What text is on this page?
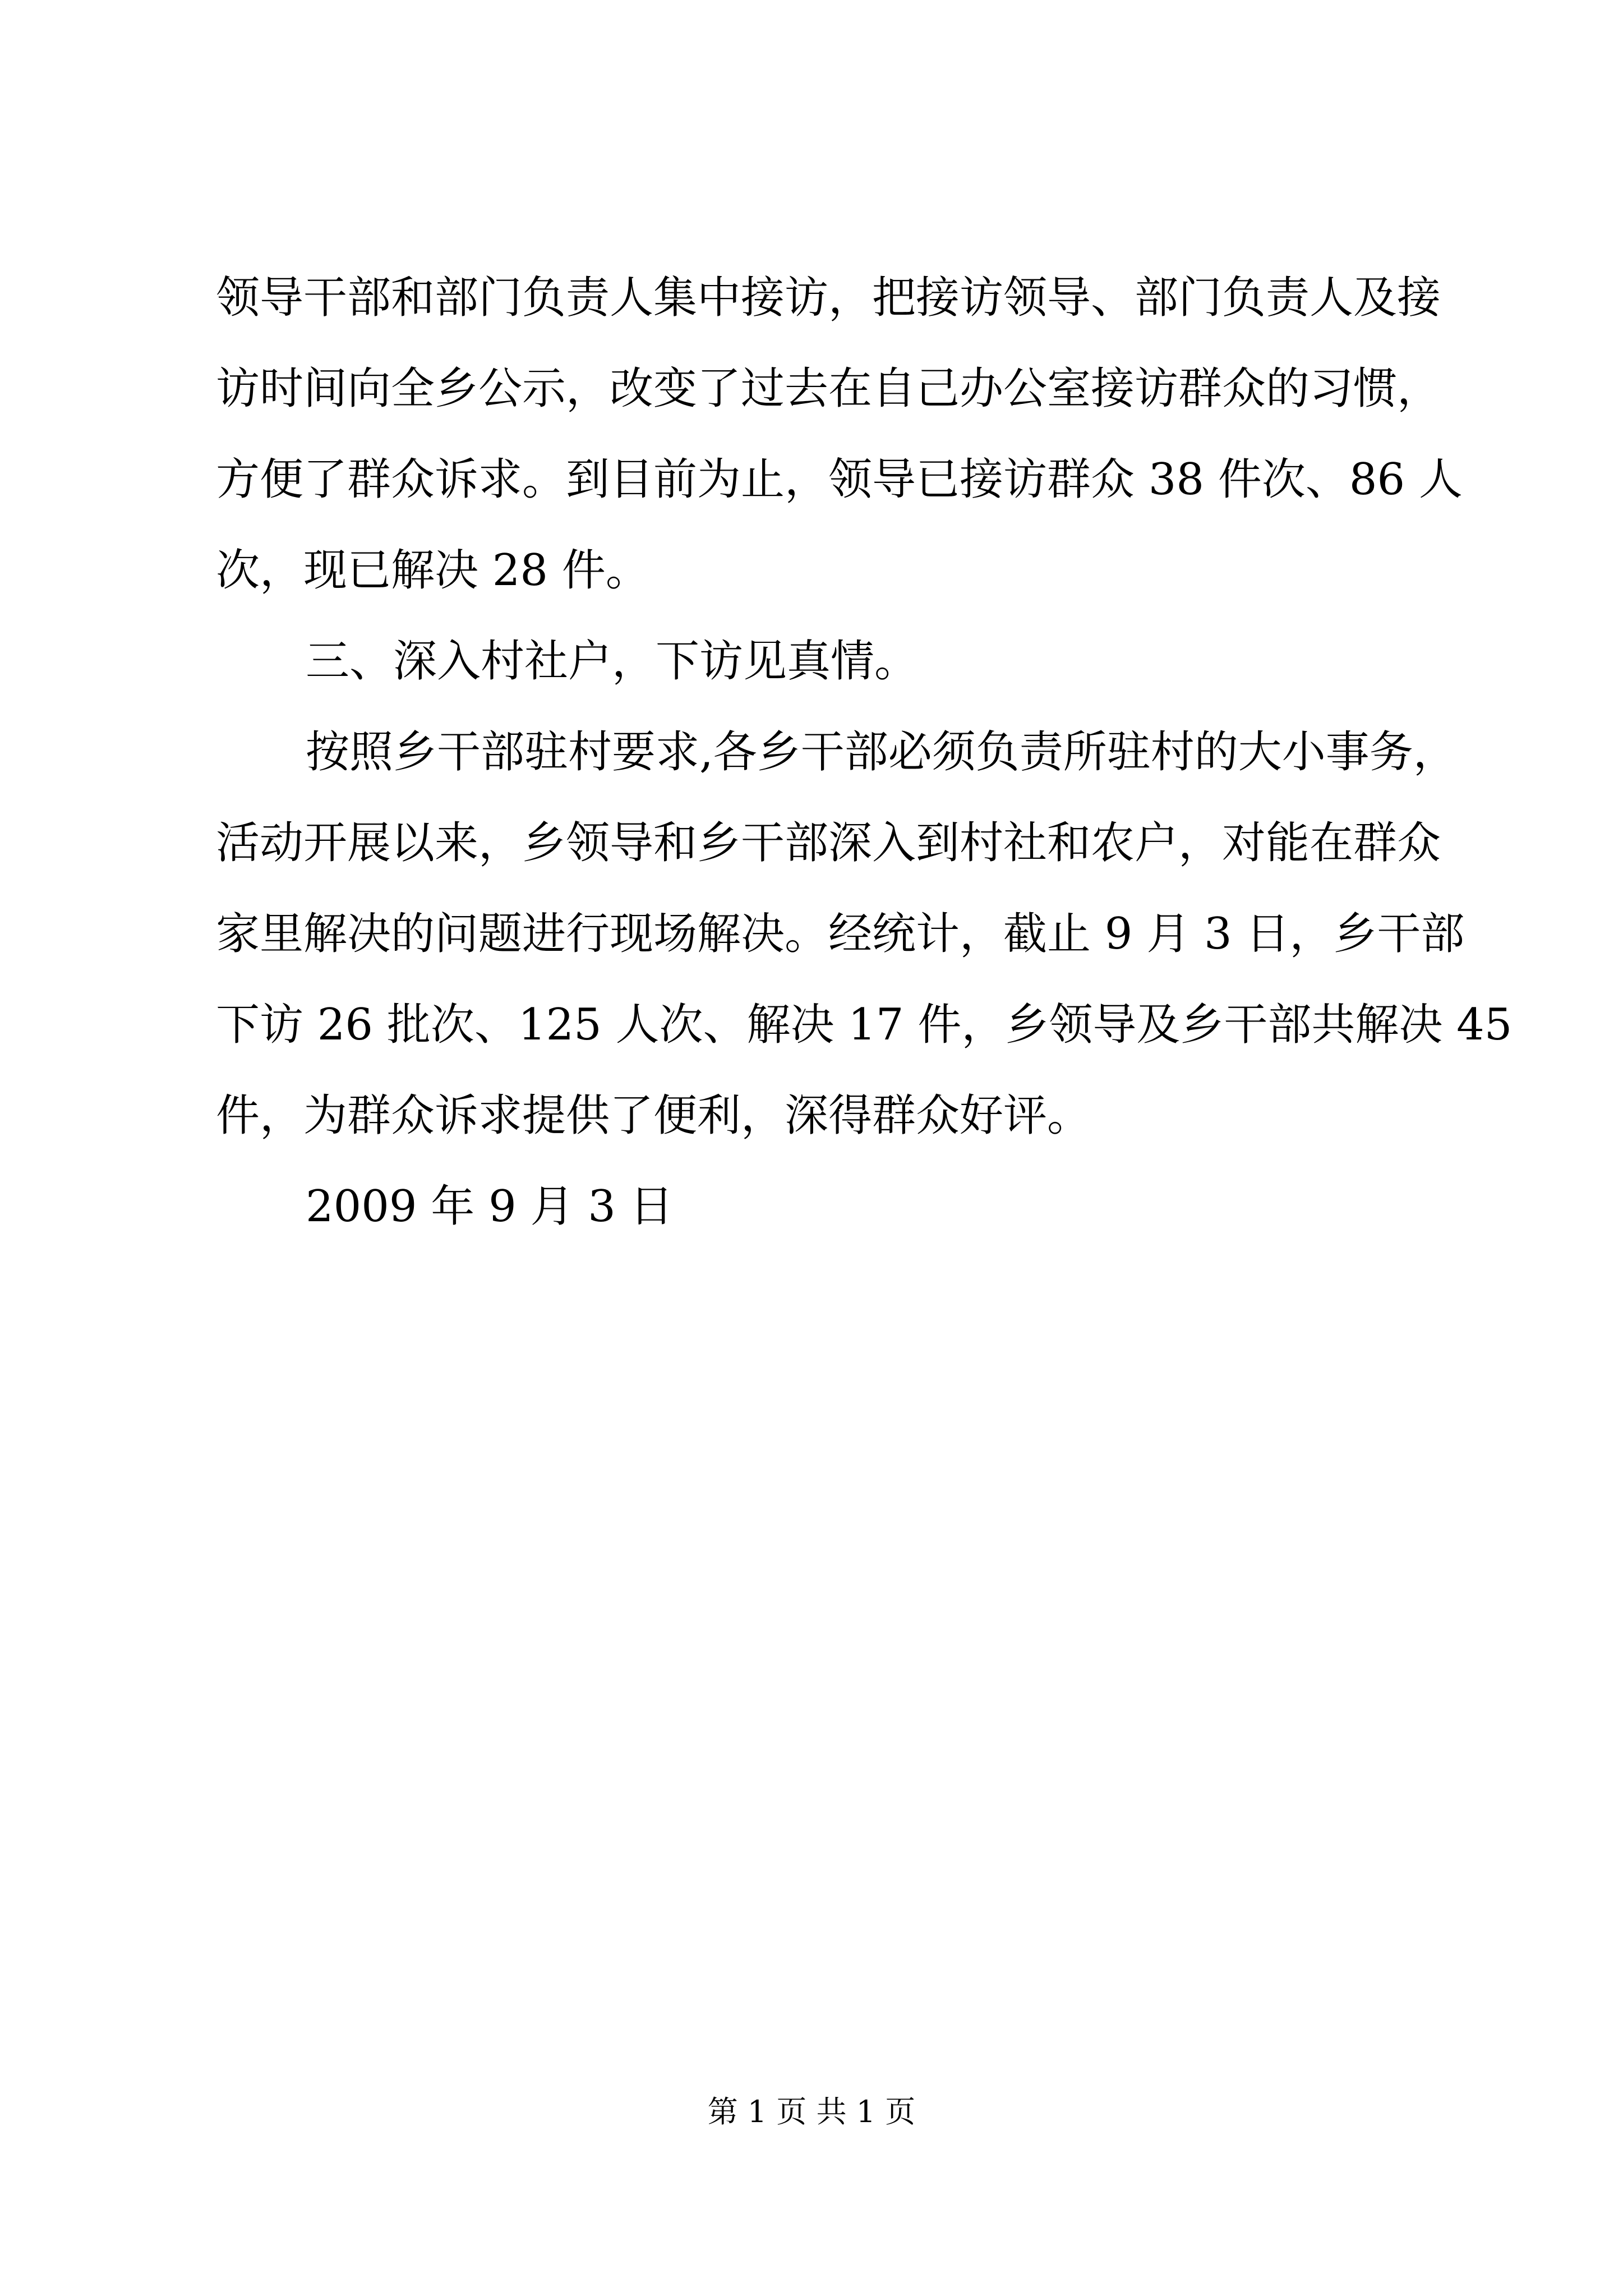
领导干部和部门负责人集中接访，把接访领导、部门负责人及接
访时间向全乡公示，改变了过去在自己办公室接访群众的习惯，
方便了群众诉求。到目前为止，领导已接访群众 38 件次、86 人
次，现已解决 28 件。
三、深入村社户，下访见真情。
按照乡干部驻村要求,各乡干部必须负责所驻村的大小事务，
活动开展以来，乡领导和乡干部深入到村社和农户，对能在群众
家里解决的问题进行现场解决。经统计，截止 9 月 3 日，乡干部
下访 26 批次、125 人次、解决 17 件，乡领导及乡干部共解决 45
件，为群众诉求提供了便利，深得群众好评。
2009 年 9 月 3 日
第 1 页 共 1 页
